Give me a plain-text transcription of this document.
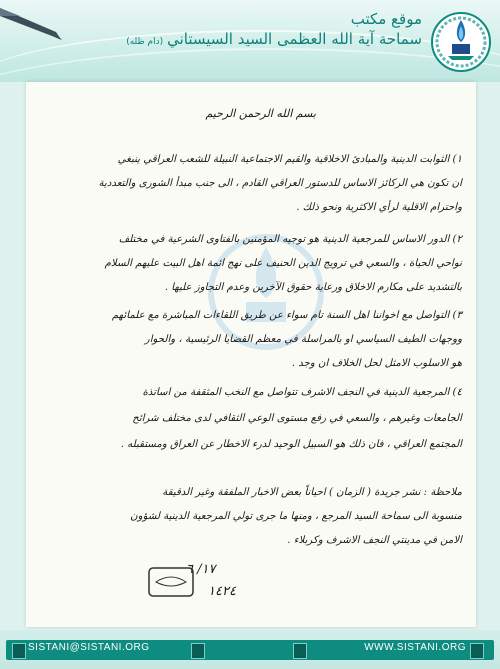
موقع مكتب
سماحة آية الله العظمى السيد السيستاني(دام ظله)
بسم الله الرحمن الرحيم
١) الثوابت الدينية والمبادئ الاخلاقية والقيم الاجتماعية النبيلة للشعب العراقي ينبغي
ان تكون هي الركائز الاساس للدستور العراقي القادم ، الى جنب مبدأ الشورى والتعددية
واحترام الاقلية لرأي الاكثرية ونحو ذلك .
٢) الدور الاساس للمرجعية الدينية هو توجيه المؤمنين بالفتاوى الشرعية في مختلف
نواحي الحياة ، والسعي في ترويج الدين الحنيف على نهج ائمة اهل البيت عليهم السلام
بالتشديد على مكارم الاخلاق ورعاية حقوق الآخرين وعدم التجاوز عليها .
٣) التواصل مع اخواننا اهل السنة تام سواء عن طريق اللقاءات المباشرة مع علمائهم
ووجهات الطيف السياسي او بالمراسلة في معظم القضايا الرئيسية ، والحوار
هو الاسلوب الامثل لحل الخلاف ان وجد .
٤) المرجعية الدينية في النجف الاشرف تتواصل مع النخب المثقفة من اساتذة
الجامعات وغيرهم ، والسعي في رفع مستوى الوعي الثقافي لدى مختلف شرائح
المجتمع العراقي ، فان ذلك هو السبيل الوحيد لدرء الاخطار عن العراق ومستقبله .
ملاحظة : نشر جريدة ( الزمان ) احياناً بعض الاخبار الملفقة وغير الدقيقة
منسوبة الى سماحة السيد المرجع ، ومنها ما جرى تولي المرجعية الدينية لشؤون
الامن في مدينتي النجف الاشرف وكربلاء .
١٧/ ٦
١٤٢٤
SISTANI@SISTANI.ORG	WWW.SISTANI.ORG
